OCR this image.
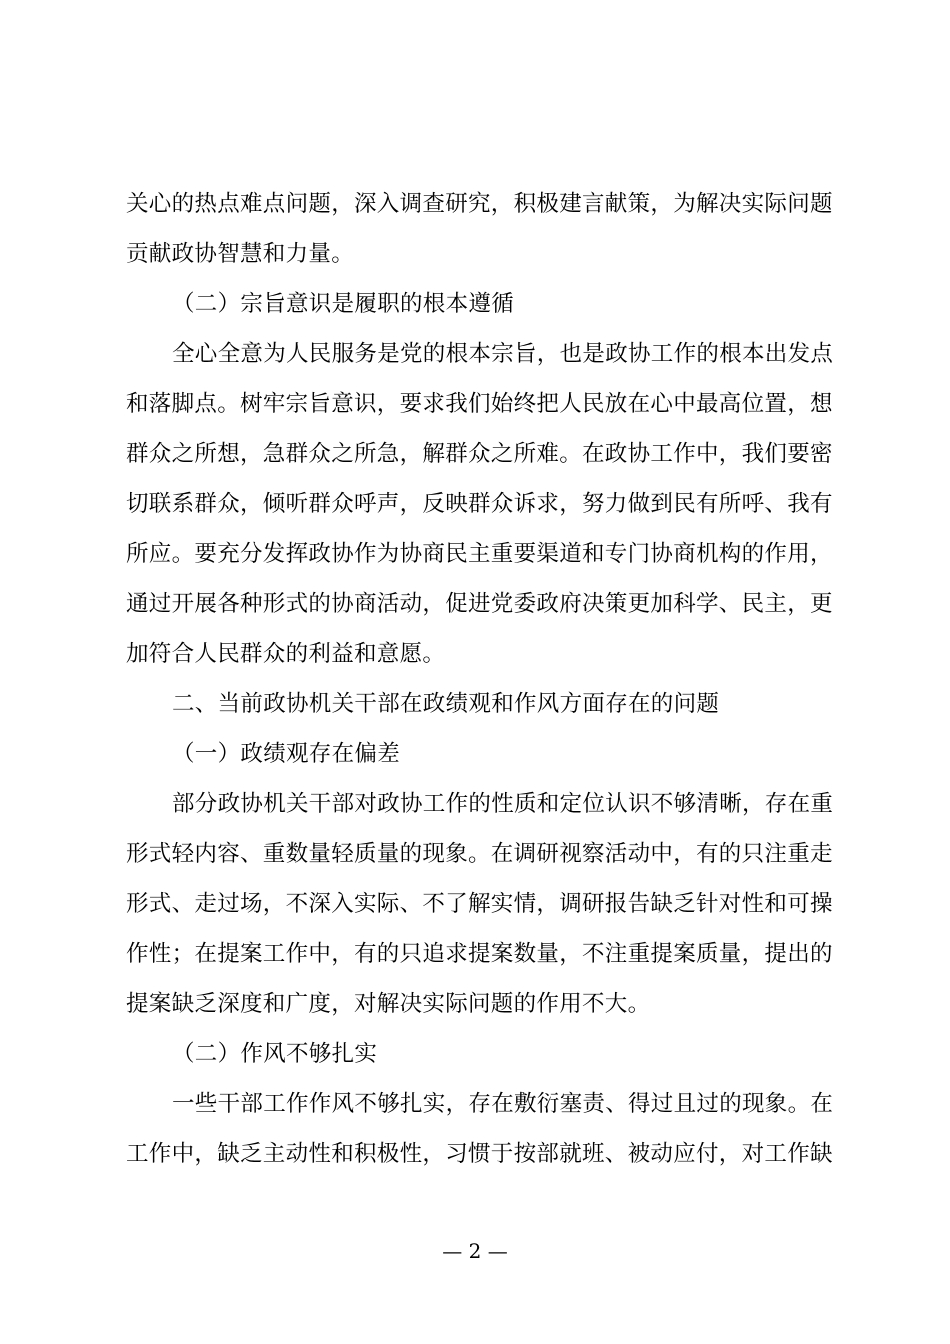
关心的热点难点问题，深入调查研究，积极建言献策，为解决实际问题
贡献政协智慧和力量。
（二）宗旨意识是履职的根本遵循
全心全意为人民服务是党的根本宗旨，也是政协工作的根本出发点
和落脚点。树牢宗旨意识，要求我们始终把人民放在心中最高位置，想
群众之所想，急群众之所急，解群众之所难。在政协工作中，我们要密
切联系群众，倾听群众呼声，反映群众诉求，努力做到民有所呼、我有
所应。要充分发挥政协作为协商民主重要渠道和专门协商机构的作用，
通过开展各种形式的协商活动，促进党委政府决策更加科学、民主，更
加符合人民群众的利益和意愿。
二、当前政协机关干部在政绩观和作风方面存在的问题
（一）政绩观存在偏差
部分政协机关干部对政协工作的性质和定位认识不够清晰，存在重
形式轻内容、重数量轻质量的现象。在调研视察活动中，有的只注重走
形式、走过场，不深入实际、不了解实情，调研报告缺乏针对性和可操
作性；在提案工作中，有的只追求提案数量，不注重提案质量，提出的
提案缺乏深度和广度，对解决实际问题的作用不大。
（二）作风不够扎实
一些干部工作作风不够扎实，存在敷衍塞责、得过且过的现象。在
工作中，缺乏主动性和积极性，习惯于按部就班、被动应付，对工作缺
— 2 —
